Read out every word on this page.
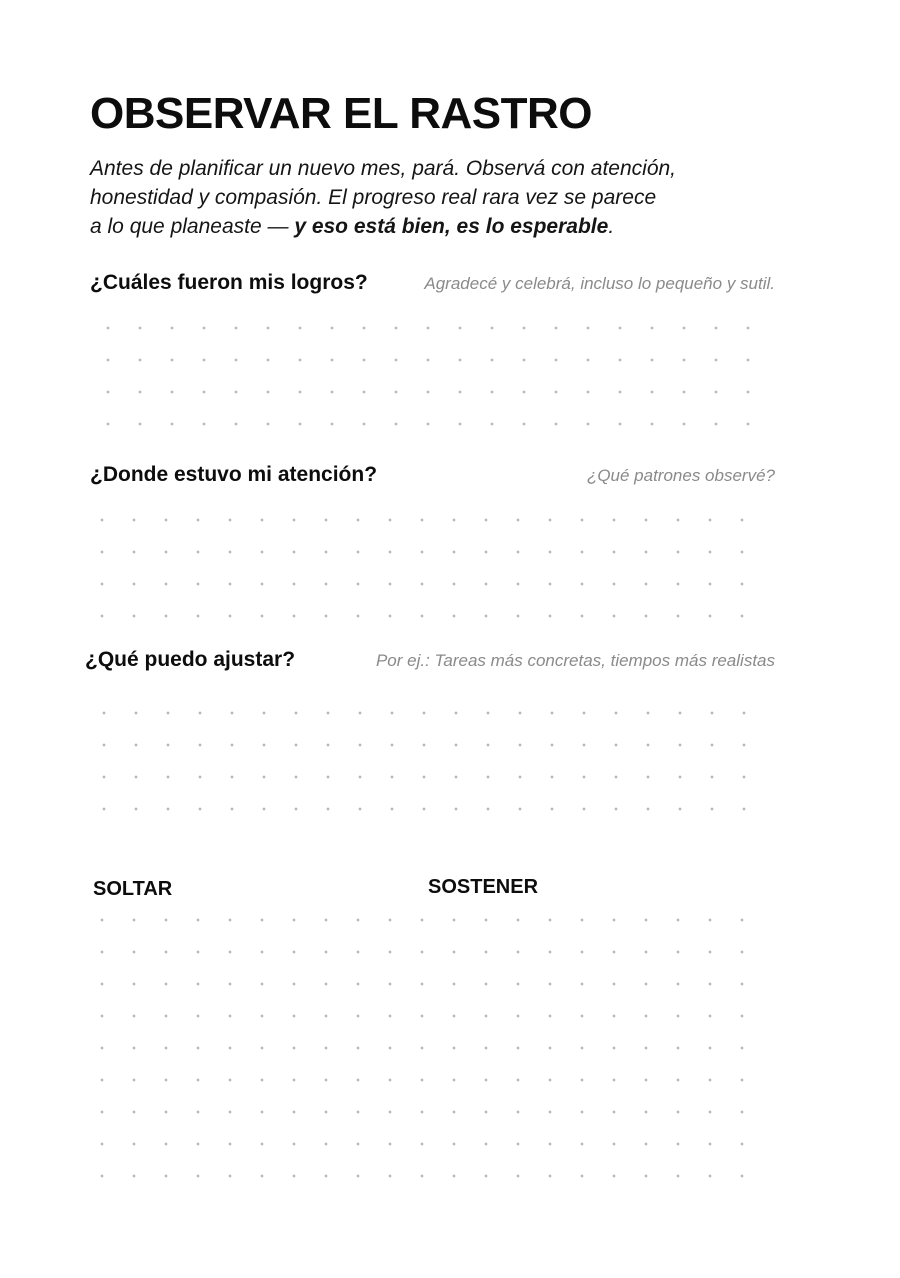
OBSERVAR EL RASTRO

Antes de planificar un nuevo mes, pará. Observá con atención,
honestidad y compasión. El progreso real rara vez se parece
a lo que planeaste — y eso está bien, es lo esperable.

¿Cuáles fueron mis logros?	Agradecé y celebrá, incluso lo pequeño y sutil.

¿Donde estuvo mi atención?	¿Qué patrones observé?

¿Qué puedo ajustar?	Por ej.: Tareas más concretas, tiempos más realistas

SOLTAR	SOSTENER
